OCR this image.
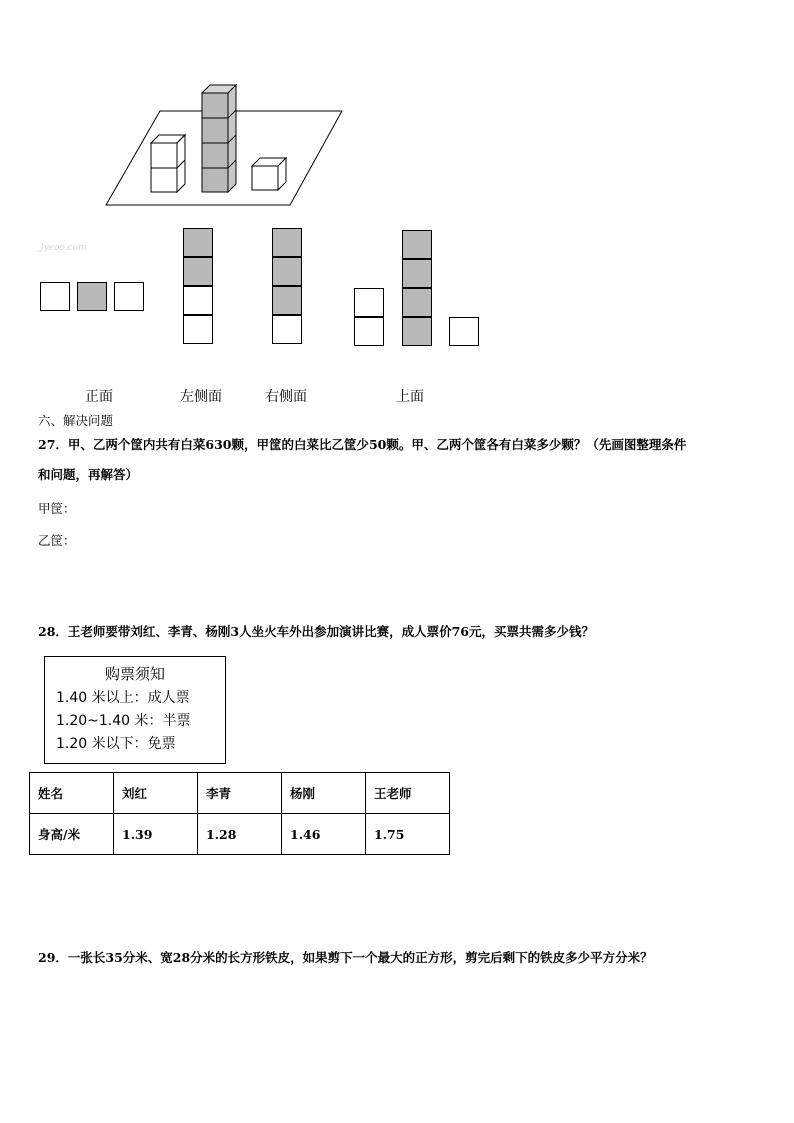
Jyeoo.com
正面	左侧面	右侧面	上面
六、解决问题
27．甲、乙两个筐内共有白菜630颗，甲筐的白菜比乙筐少50颗。甲、乙两个筐各有白菜多少颗？（先画图整理条件
和问题，再解答）
甲筐：
乙筐：
28．王老师要带刘红、李青、杨刚3人坐火车外出参加演讲比赛，成人票价76元，买票共需多少钱？
购票须知
1.40 米以上：成人票
1.20~1.40 米：半票
1.20 米以下：免票
姓名	刘红	李青	杨刚	王老师
身高/米	1.39	1.28	1.46	1.75
29．一张长35分米、宽28分米的长方形铁皮，如果剪下一个最大的正方形，剪完后剩下的铁皮多少平方分米？
